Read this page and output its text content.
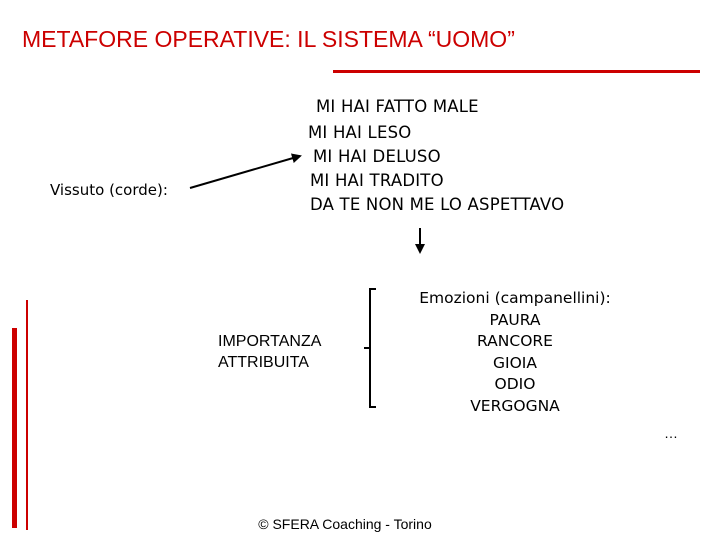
METAFORE OPERATIVE: IL SISTEMA “UOMO”
Vissuto (corde):
MI HAI FATTO MALE
MI HAI LESO
MI HAI DELUSO
MI HAI TRADITO
DA TE NON ME LO ASPETTAVO
IMPORTANZA
ATTRIBUITA
Emozioni (campanellini):
PAURA
RANCORE
GIOIA
ODIO
VERGOGNA
…
© SFERA Coaching - Torino
